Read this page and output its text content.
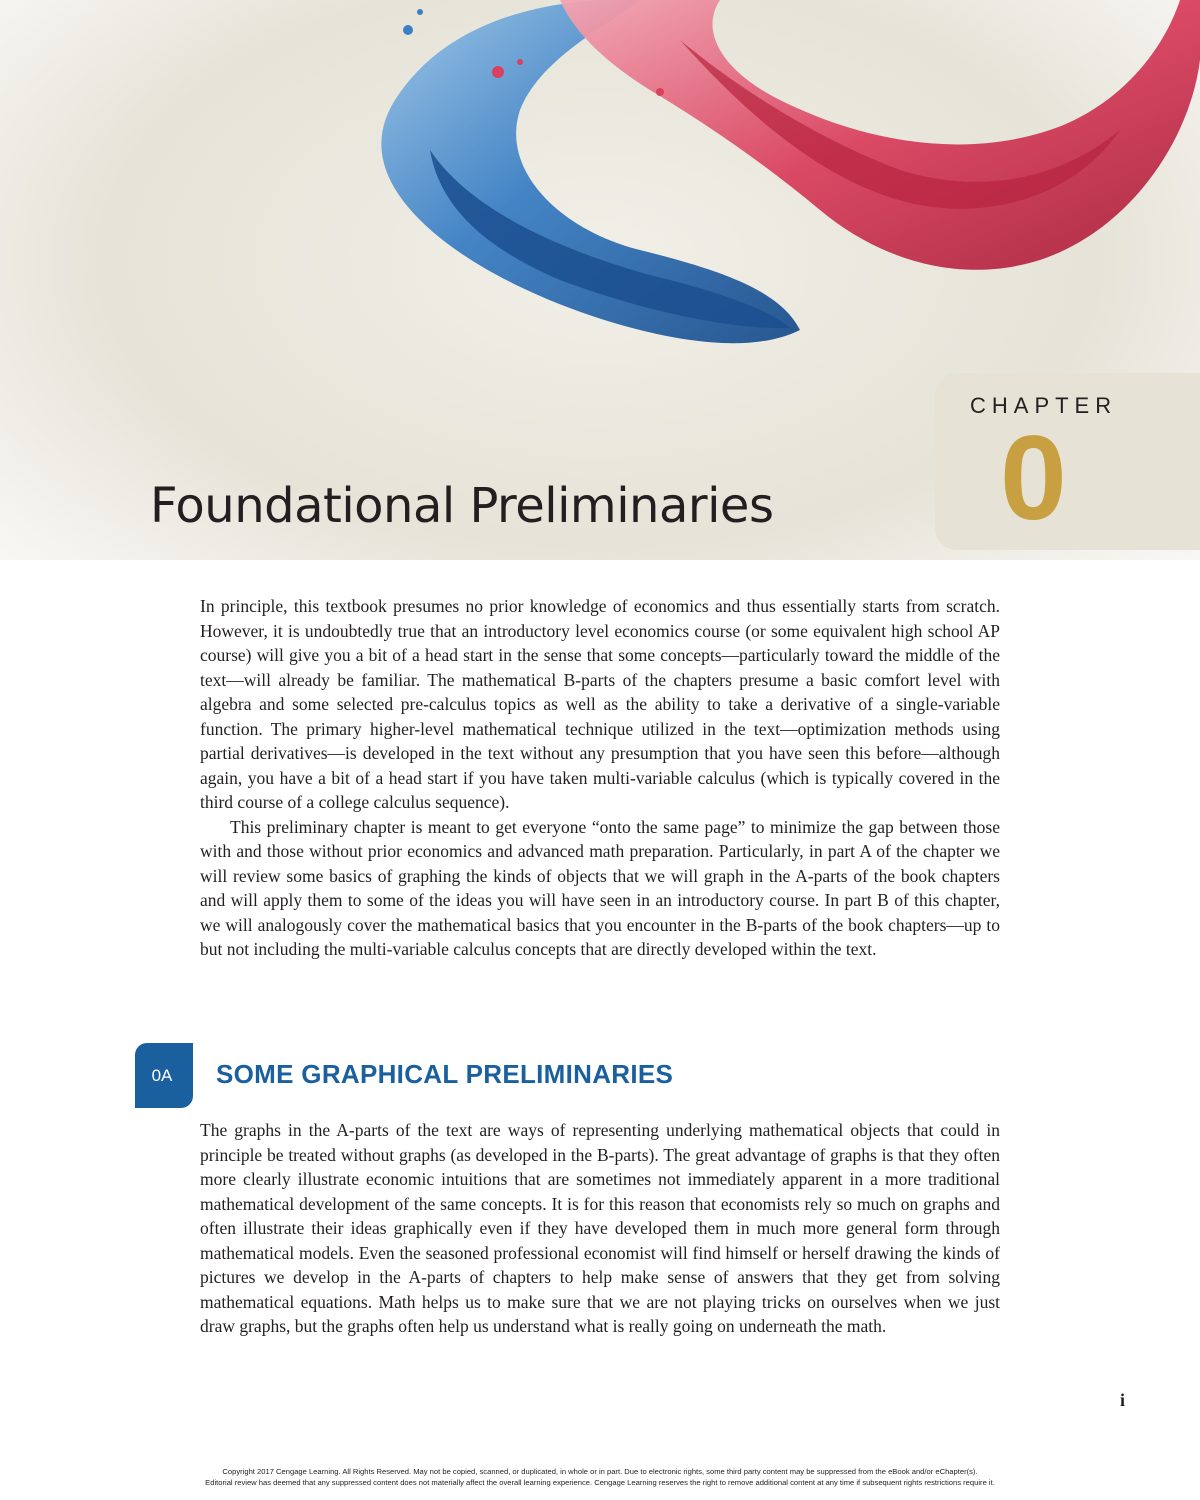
CHAPTER
0
Foundational Preliminaries

In principle, this textbook presumes no prior knowledge of economics and thus essentially starts from scratch. However, it is undoubtedly true that an introductory level economics course (or some equivalent high school AP course) will give you a bit of a head start in the sense that some concepts—particularly toward the middle of the text—will already be familiar. The mathematical B-parts of the chapters presume a basic comfort level with algebra and some selected pre-calculus topics as well as the ability to take a derivative of a single-variable function. The primary higher-level mathematical technique utilized in the text—optimization methods using partial derivatives—is developed in the text without any presumption that you have seen this before—although again, you have a bit of a head start if you have taken multi-variable calculus (which is typically covered in the third course of a college calculus sequence).

This preliminary chapter is meant to get everyone “onto the same page” to minimize the gap between those with and those without prior economics and advanced math preparation. Particularly, in part A of the chapter we will review some basics of graphing the kinds of objects that we will graph in the A-parts of the book chapters and will apply them to some of the ideas you will have seen in an introductory course. In part B of this chapter, we will analogously cover the mathematical basics that you encounter in the B-parts of the book chapters—up to but not including the multi-variable calculus concepts that are directly developed within the text.

0A	SOME GRAPHICAL PRELIMINARIES

The graphs in the A-parts of the text are ways of representing underlying mathematical objects that could in principle be treated without graphs (as developed in the B-parts). The great advantage of graphs is that they often more clearly illustrate economic intuitions that are sometimes not immediately apparent in a more traditional mathematical development of the same concepts. It is for this reason that economists rely so much on graphs and often illustrate their ideas graphically even if they have developed them in much more general form through mathematical models. Even the seasoned professional economist will find himself or herself drawing the kinds of pictures we develop in the A-parts of chapters to help make sense of answers that they get from solving mathematical equations. Math helps us to make sure that we are not playing tricks on ourselves when we just draw graphs, but the graphs often help us understand what is really going on underneath the math.

i
Copyright 2017 Cengage Learning. All Rights Reserved. May not be copied, scanned, or duplicated, in whole or in part. Due to electronic rights, some third party content may be suppressed from the eBook and/or eChapter(s).
Editorial review has deemed that any suppressed content does not materially affect the overall learning experience. Cengage Learning reserves the right to remove additional content at any time if subsequent rights restrictions require it.
